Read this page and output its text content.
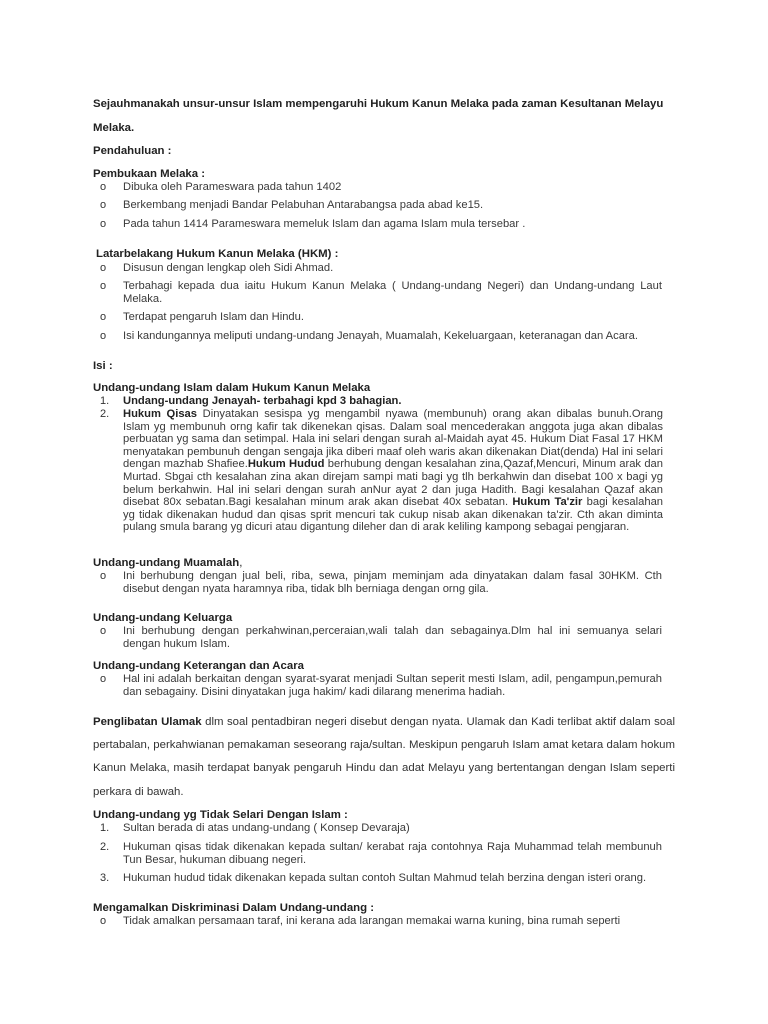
Sejauhmanakah unsur-unsur Islam mempengaruhi Hukum Kanun Melaka pada zaman Kesultanan Melayu
Melaka.
Pendahuluan :
Pembukaan Melaka :
o Dibuka oleh Parameswara pada tahun 1402
o Berkembang menjadi Bandar Pelabuhan Antarabangsa pada abad ke15.
o Pada tahun 1414 Parameswara memeluk Islam dan agama Islam mula tersebar .
Latarbelakang Hukum Kanun Melaka (HKM) :
o Disusun dengan lengkap oleh Sidi Ahmad.
o Terbahagi kepada dua iaitu Hukum Kanun Melaka ( Undang-undang Negeri) dan Undang-undang Laut Melaka.
o Terdapat pengaruh Islam dan Hindu.
o Isi kandungannya meliputi undang-undang Jenayah, Muamalah, Kekeluargaan, keteranagan dan Acara.
Isi :
Undang-undang Islam dalam Hukum Kanun Melaka
1. Undang-undang Jenayah- terbahagi kpd 3 bahagian.
2. Hukum Qisas Dinyatakan sesispa yg mengambil nyawa (membunuh) orang akan dibalas bunuh.Orang Islam yg membunuh orng kafir tak dikenekan qisas. Dalam soal mencederakan anggota juga akan dibalas perbuatan yg sama dan setimpal. Hala ini selari dengan surah al-Maidah ayat 45. Hukum Diat Fasal 17 HKM menyatakan pembunuh dengan sengaja jika diberi maaf oleh waris akan dikenakan Diat(denda) Hal ini selari dengan mazhab Shafiee.Hukum Hudud berhubung dengan kesalahan zina,Qazaf,Mencuri, Minum arak dan Murtad. Sbgai cth kesalahan zina akan direjam sampi mati bagi yg tlh berkahwin dan disebat 100 x bagi yg belum berkahwin. Hal ini selari dengan surah anNur ayat 2 dan juga Hadith. Bagi kesalahan Qazaf akan disebat 80x sebatan.Bagi kesalahan minum arak akan disebat 40x sebatan. Hukum Ta'zir bagi kesalahan yg tidak dikenakan hudud dan qisas sprit mencuri tak cukup nisab akan dikenakan ta'zir. Cth akan diminta pulang smula barang yg dicuri atau digantung dileher dan di arak keliling kampong sebagai pengjaran.
Undang-undang Muamalah,
o Ini berhubung dengan jual beli, riba, sewa, pinjam meminjam ada dinyatakan dalam fasal 30HKM. Cth disebut dengan nyata haramnya riba, tidak blh berniaga dengan orng gila.
Undang-undang Keluarga
o Ini berhubung dengan perkahwinan,perceraian,wali talah dan sebagainya.Dlm hal ini semuanya selari dengan hukum Islam.
Undang-undang Keterangan dan Acara
o Hal ini adalah berkaitan dengan syarat-syarat menjadi Sultan seperit mesti Islam, adil, pengampun,pemurah dan sebagainy. Disini dinyatakan juga hakim/ kadi dilarang menerima hadiah.
Penglibatan Ulamak dlm soal pentadbiran negeri disebut dengan nyata. Ulamak dan Kadi terlibat aktif dalam soal pertabalan, perkahwianan pemakaman seseorang raja/sultan. Meskipun pengaruh Islam amat ketara dalam hokum Kanun Melaka, masih terdapat banyak pengaruh Hindu dan adat Melayu yang bertentangan dengan Islam seperti perkara di bawah.
Undang-undang yg Tidak Selari Dengan Islam :
1. Sultan berada di atas undang-undang ( Konsep Devaraja)
2. Hukuman qisas tidak dikenakan kepada sultan/ kerabat raja contohnya Raja Muhammad telah membunuh Tun Besar, hukuman dibuang negeri.
3. Hukuman hudud tidak dikenakan kepada sultan contoh Sultan Mahmud telah berzina dengan isteri orang.
Mengamalkan Diskriminasi Dalam Undang-undang :
o Tidak amalkan persamaan taraf, ini kerana ada larangan memakai warna kuning, bina rumah seperti
